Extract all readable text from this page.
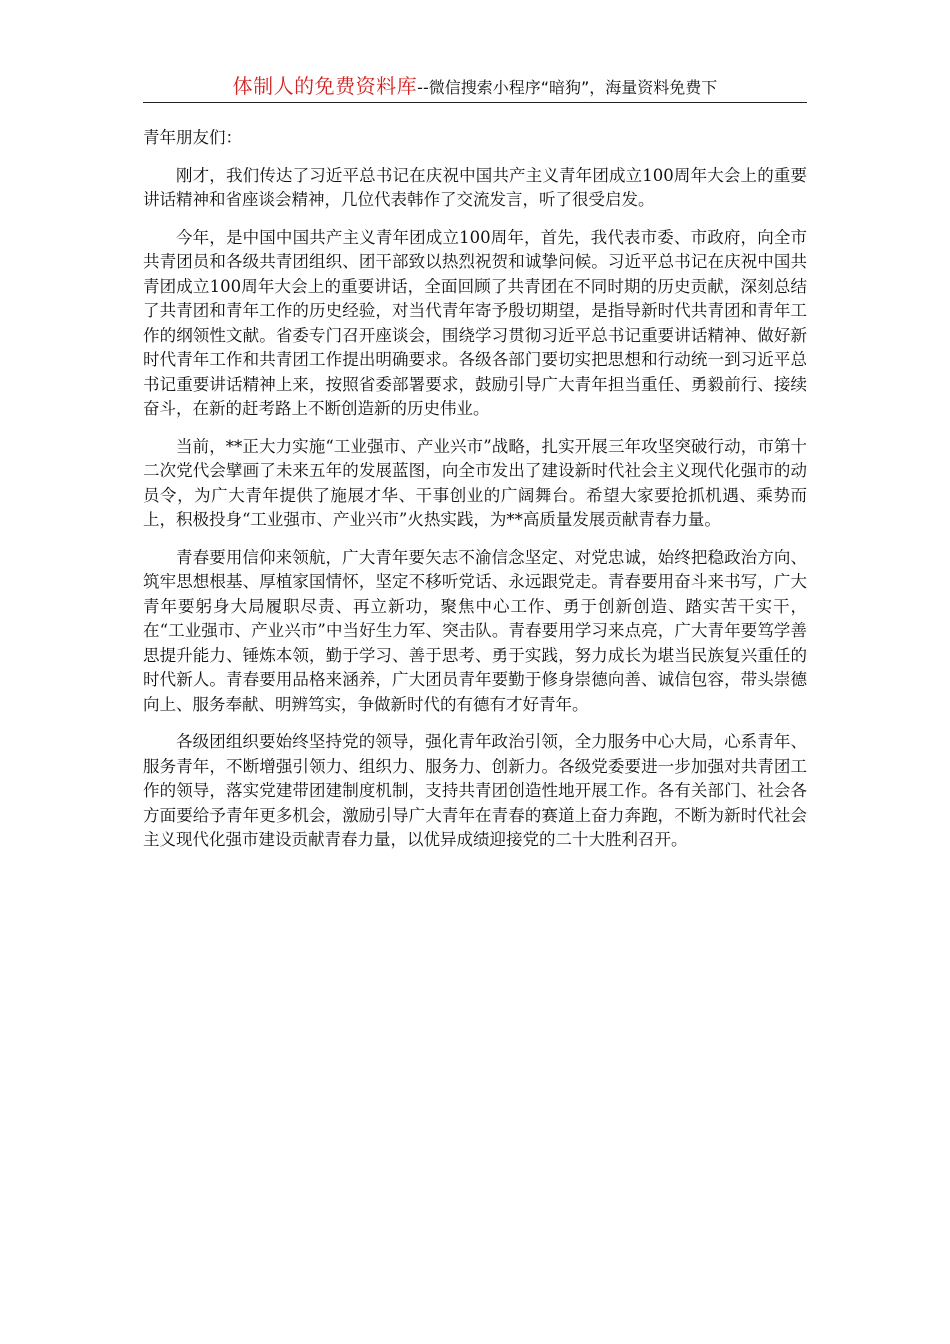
体制人的免费资料库--微信搜索小程序“暗狗”，海量资料免费下

青年朋友们：

刚才，我们传达了习近平总书记在庆祝中国共产主义青年团成立100周年大会上的重要讲话精神和省座谈会精神，几位代表韩作了交流发言，听了很受启发。

今年，是中国中国共产主义青年团成立100周年，首先，我代表市委、市政府，向全市共青团员和各级共青团组织、团干部致以热烈祝贺和诚挚问候。习近平总书记在庆祝中国共青团成立100周年大会上的重要讲话，全面回顾了共青团在不同时期的历史贡献，深刻总结了共青团和青年工作的历史经验，对当代青年寄予殷切期望，是指导新时代共青团和青年工作的纲领性文献。省委专门召开座谈会，围绕学习贯彻习近平总书记重要讲话精神、做好新时代青年工作和共青团工作提出明确要求。各级各部门要切实把思想和行动统一到习近平总书记重要讲话精神上来，按照省委部署要求，鼓励引导广大青年担当重任、勇毅前行、接续奋斗，在新的赶考路上不断创造新的历史伟业。

当前，**正大力实施“工业强市、产业兴市”战略，扎实开展三年攻坚突破行动，市第十二次党代会擘画了未来五年的发展蓝图，向全市发出了建设新时代社会主义现代化强市的动员令，为广大青年提供了施展才华、干事创业的广阔舞台。希望大家要抢抓机遇、乘势而上，积极投身“工业强市、产业兴市”火热实践，为**高质量发展贡献青春力量。

青春要用信仰来领航，广大青年要矢志不渝信念坚定、对党忠诚，始终把稳政治方向、筑牢思想根基、厚植家国情怀，坚定不移听党话、永远跟党走。青春要用奋斗来书写，广大青年要躬身大局履职尽责、再立新功，聚焦中心工作、勇于创新创造、踏实苦干实干，在“工业强市、产业兴市”中当好生力军、突击队。青春要用学习来点亮，广大青年要笃学善思提升能力、锤炼本领，勤于学习、善于思考、勇于实践，努力成长为堪当民族复兴重任的时代新人。青春要用品格来涵养，广大团员青年要勤于修身崇德向善、诚信包容，带头崇德向上、服务奉献、明辨笃实，争做新时代的有德有才好青年。

各级团组织要始终坚持党的领导，强化青年政治引领，全力服务中心大局，心系青年、服务青年，不断增强引领力、组织力、服务力、创新力。各级党委要进一步加强对共青团工作的领导，落实党建带团建制度机制，支持共青团创造性地开展工作。各有关部门、社会各方面要给予青年更多机会，激励引导广大青年在青春的赛道上奋力奔跑，不断为新时代社会主义现代化强市建设贡献青春力量，以优异成绩迎接党的二十大胜利召开。
